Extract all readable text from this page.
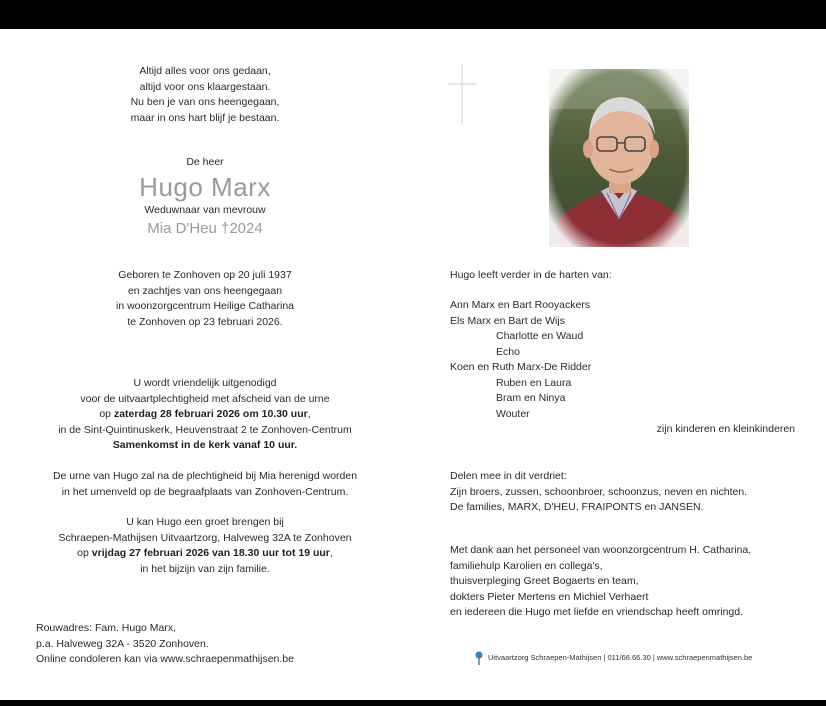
Altijd alles voor ons gedaan,

altijd voor ons klaargestaan.

Nu ben je van ons heengegaan,

maar in ons hart blijf je bestaan.

De heer

Hugo Marx

Weduwnaar van mevrouw

Mia D'Heu †2024

Geboren te Zonhoven op 20 juli 1937

en zachtjes van ons heengegaan

in woonzorgcentrum Heilige Catharina

te Zonhoven op 23 februari 2026.

U wordt vriendelijk uitgenodigd

voor de uitvaartplechtigheid met afscheid van de urne

op zaterdag 28 februari 2026 om 10.30 uur,

in de Sint-Quintinuskerk, Heuvenstraat 2 te Zonhoven-Centrum

Samenkomst in de kerk vanaf 10 uur.

De urne van Hugo zal na de plechtigheid bij Mia herenigd worden

in het urnenveld op de begraafplaats van Zonhoven-Centrum.

U kan Hugo een groet brengen bij

Schraepen-Mathijsen Uitvaartzorg, Halveweg 32A te Zonhoven

op vrijdag 27 februari 2026 van 18.30 uur tot 19 uur,

in het bijzijn van zijn familie.

Rouwadres: Fam. Hugo Marx,

p.a. Halveweg 32A - 3520 Zonhoven.

Online condoleren kan via www.schraepenmathijsen.be

Hugo leeft verder in de harten van:

Ann Marx en Bart Rooyackers

Els Marx en Bart de Wijs

Charlotte en Waud

Echo

Koen en Ruth Marx-De Ridder

Ruben en Laura

Bram en Ninya

Wouter

zijn kinderen en kleinkinderen

Delen mee in dit verdriet:

Zijn broers, zussen, schoonbroer, schoonzus, neven en nichten.

De families, MARX, D'HEU, FRAIPONTS en JANSEN.

Met dank aan het personeel van woonzorgcentrum H. Catharina,

familiehulp Karolien en collega's,

thuisverpleging Greet Bogaerts en team,

dokters Pieter Mertens en Michiel Verhaert

en iedereen die Hugo met liefde en vriendschap heeft omringd.

Uitvaartzorg Schraepen-Mathijsen | 011/66.66.30 | www.schraepenmathijsen.be
